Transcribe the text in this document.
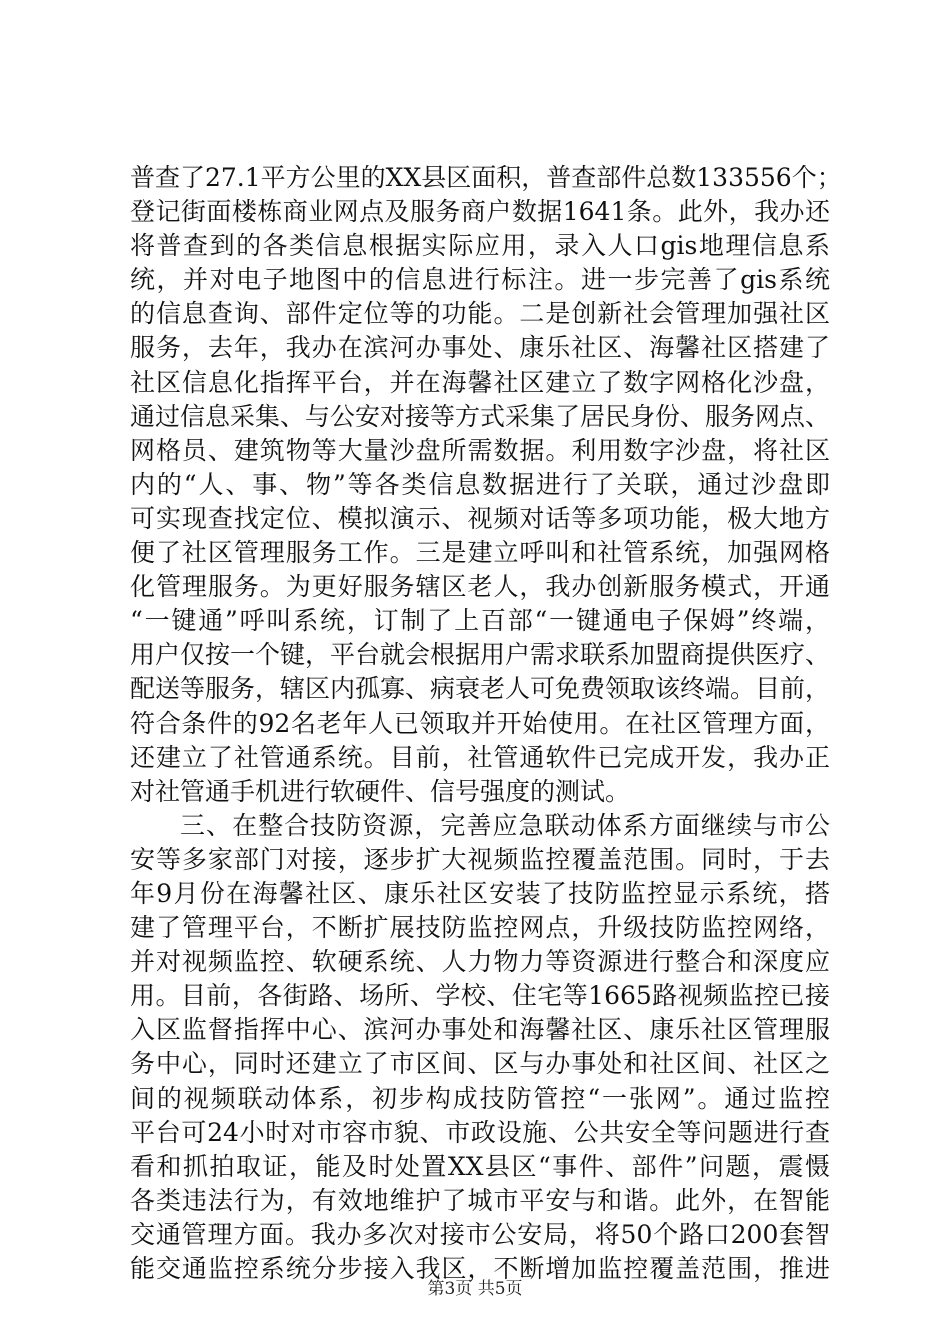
普查了27.1平方公里的XX县区面积，普查部件总数133556个；
登记街面楼栋商业网点及服务商户数据1641条。此外，我办还
将普查到的各类信息根据实际应用，录入人口gis地理信息系
统，并对电子地图中的信息进行标注。进一步完善了gis系统
的信息查询、部件定位等的功能。二是创新社会管理加强社区
服务，去年，我办在滨河办事处、康乐社区、海馨社区搭建了
社区信息化指挥平台，并在海馨社区建立了数字网格化沙盘，
通过信息采集、与公安对接等方式采集了居民身份、服务网点、
网格员、建筑物等大量沙盘所需数据。利用数字沙盘，将社区
内的“人、事、物”等各类信息数据进行了关联，通过沙盘即
可实现查找定位、模拟演示、视频对话等多项功能，极大地方
便了社区管理服务工作。三是建立呼叫和社管系统，加强网格
化管理服务。为更好服务辖区老人，我办创新服务模式，开通
“一键通”呼叫系统，订制了上百部“一键通电子保姆”终端，
用户仅按一个键，平台就会根据用户需求联系加盟商提供医疗、
配送等服务，辖区内孤寡、病衰老人可免费领取该终端。目前，
符合条件的92名老年人已领取并开始使用。在社区管理方面，
还建立了社管通系统。目前，社管通软件已完成开发，我办正
对社管通手机进行软硬件、信号强度的测试。
三、在整合技防资源，完善应急联动体系方面继续与市公
安等多家部门对接，逐步扩大视频监控覆盖范围。同时，于去
年9月份在海馨社区、康乐社区安装了技防监控显示系统，搭
建了管理平台，不断扩展技防监控网点，升级技防监控网络，
并对视频监控、软硬系统、人力物力等资源进行整合和深度应
用。目前，各街路、场所、学校、住宅等1665路视频监控已接
入区监督指挥中心、滨河办事处和海馨社区、康乐社区管理服
务中心，同时还建立了市区间、区与办事处和社区间、社区之
间的视频联动体系，初步构成技防管控“一张网”。通过监控
平台可24小时对市容市貌、市政设施、公共安全等问题进行查
看和抓拍取证，能及时处置XX县区“事件、部件”问题，震慑
各类违法行为，有效地维护了城市平安与和谐。此外，在智能
交通管理方面。我办多次对接市公安局，将50个路口200套智
能交通监控系统分步接入我区，不断增加监控覆盖范围，推进
第3页 共5页
